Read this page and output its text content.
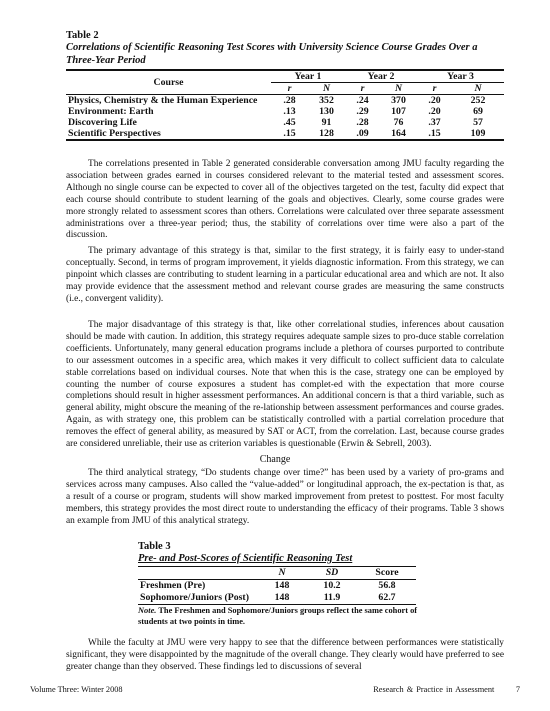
Table 2
Correlations of Scientific Reasoning Test Scores with University Science Course Grades Over a Three-Year Period
Course	Year 1		Year 2		Year 3	
	r	N	r	N	r	N
Physics, Chemistry & the Human Experience	.28	352	.24	370	.20	252
Environment: Earth	.13	130	.29	107	.20	69
Discovering Life	.45	91	.28	76	.37	57
Scientific Perspectives	.15	128	.09	164	.15	109

The correlations presented in Table 2 generated considerable conversation among JMU faculty regarding the association between grades earned in courses considered relevant to the material tested and assessment scores. Although no single course can be expected to cover all of the objectives targeted on the test, faculty did expect that each course should contribute to student learning of the goals and objectives. Clearly, some course grades were more strongly related to assessment scores than others. Correlations were calculated over three separate assessment administrations over a three-year period; thus, the stability of correlations over time were also a part of the discussion.

The primary advantage of this strategy is that, similar to the first strategy, it is fairly easy to under-stand conceptually. Second, in terms of program improvement, it yields diagnostic information. From this strategy, we can pinpoint which classes are contributing to student learning in a particular educational area and which are not. It also may provide evidence that the assessment method and relevant course grades are measuring the same constructs (i.e., convergent validity).

The major disadvantage of this strategy is that, like other correlational studies, inferences about causation should be made with caution. In addition, this strategy requires adequate sample sizes to pro-duce stable correlation coefficients. Unfortunately, many general education programs include a plethora of courses purported to contribute to our assessment outcomes in a specific area, which makes it very difficult to collect sufficient data to calculate stable correlations based on individual courses. Note that when this is the case, strategy one can be employed by counting the number of course exposures a student has complet-ed with the expectation that more course completions should result in higher assessment performances. An additional concern is that a third variable, such as general ability, might obscure the meaning of the re-lationship between assessment performances and course grades. Again, as with strategy one, this problem can be statistically controlled with a partial correlation procedure that removes the effect of general ability, as measured by SAT or ACT, from the correlation. Last, because course grades are considered unreliable, their use as criterion variables is questionable (Erwin & Sebrell, 2003).

Change

The third analytical strategy, “Do students change over time?” has been used by a variety of pro-grams and services across many campuses. Also called the “value-added” or longitudinal approach, the ex-pectation is that, as a result of a course or program, students will show marked improvement from pretest to posttest. For most faculty members, this strategy provides the most direct route to understanding the efficacy of their programs. Table 3 shows an example from JMU of this analytical strategy.

Table 3
Pre- and Post-Scores of Scientific Reasoning Test
	N	SD	Score
Freshmen (Pre)	148	10.2	56.8
Sophomore/Juniors (Post)	148	11.9	62.7
Note. The Freshmen and Sophomore/Juniors groups reflect the same cohort of students at two points in time.

While the faculty at JMU were very happy to see that the difference between performances were statistically significant, they were disappointed by the magnitude of the overall change. They clearly would have preferred to see greater change than they observed. These findings led to discussions of several

Volume Three: Winter 2008	Research & Practice in Assessment	7
